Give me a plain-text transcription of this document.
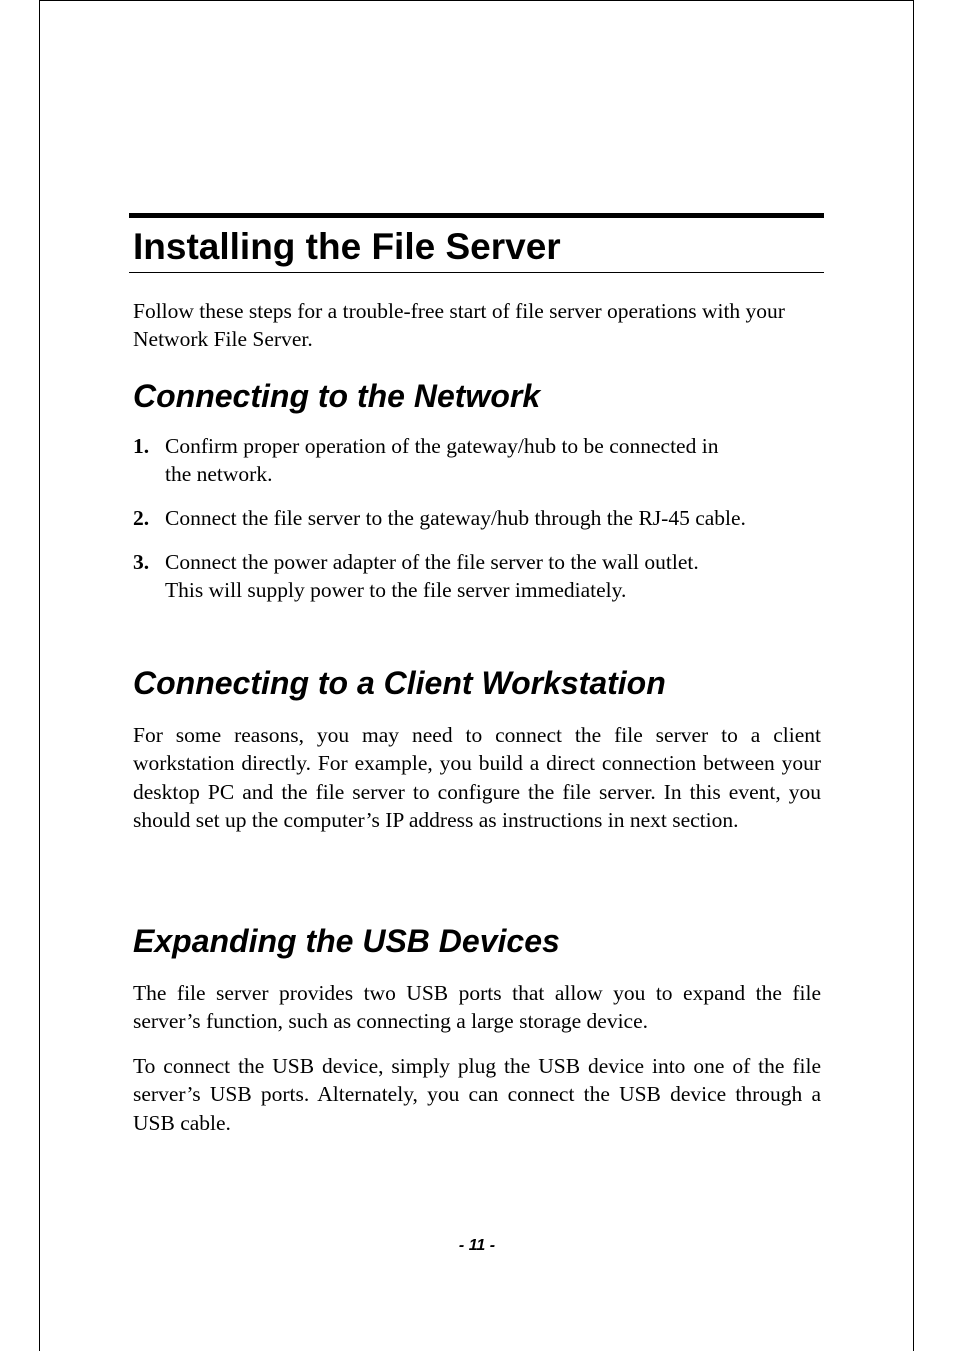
Installing the File Server

Follow these steps for a trouble-free start of file server operations with your Network File Server.

Connecting to the Network
1. Confirm proper operation of the gateway/hub to be connected in
the network.
2. Connect the file server to the gateway/hub through the RJ-45 cable.
3. Connect the power adapter of the file server to the wall outlet.
This will supply power to the file server immediately.
Connecting to a Client Workstation

For some reasons, you may need to connect the file server to a client workstation directly. For example, you build a direct connection between your desktop PC and the file server to configure the file server. In this event, you should set up the computer’s IP address as instructions in next section.

Expanding the USB Devices

The file server provides two USB ports that allow you to expand the file server’s function, such as connecting a large storage device.

To connect the USB device, simply plug the USB device into one of the file server’s USB ports. Alternately, you can connect the USB device through a USB cable.

- 11 -
